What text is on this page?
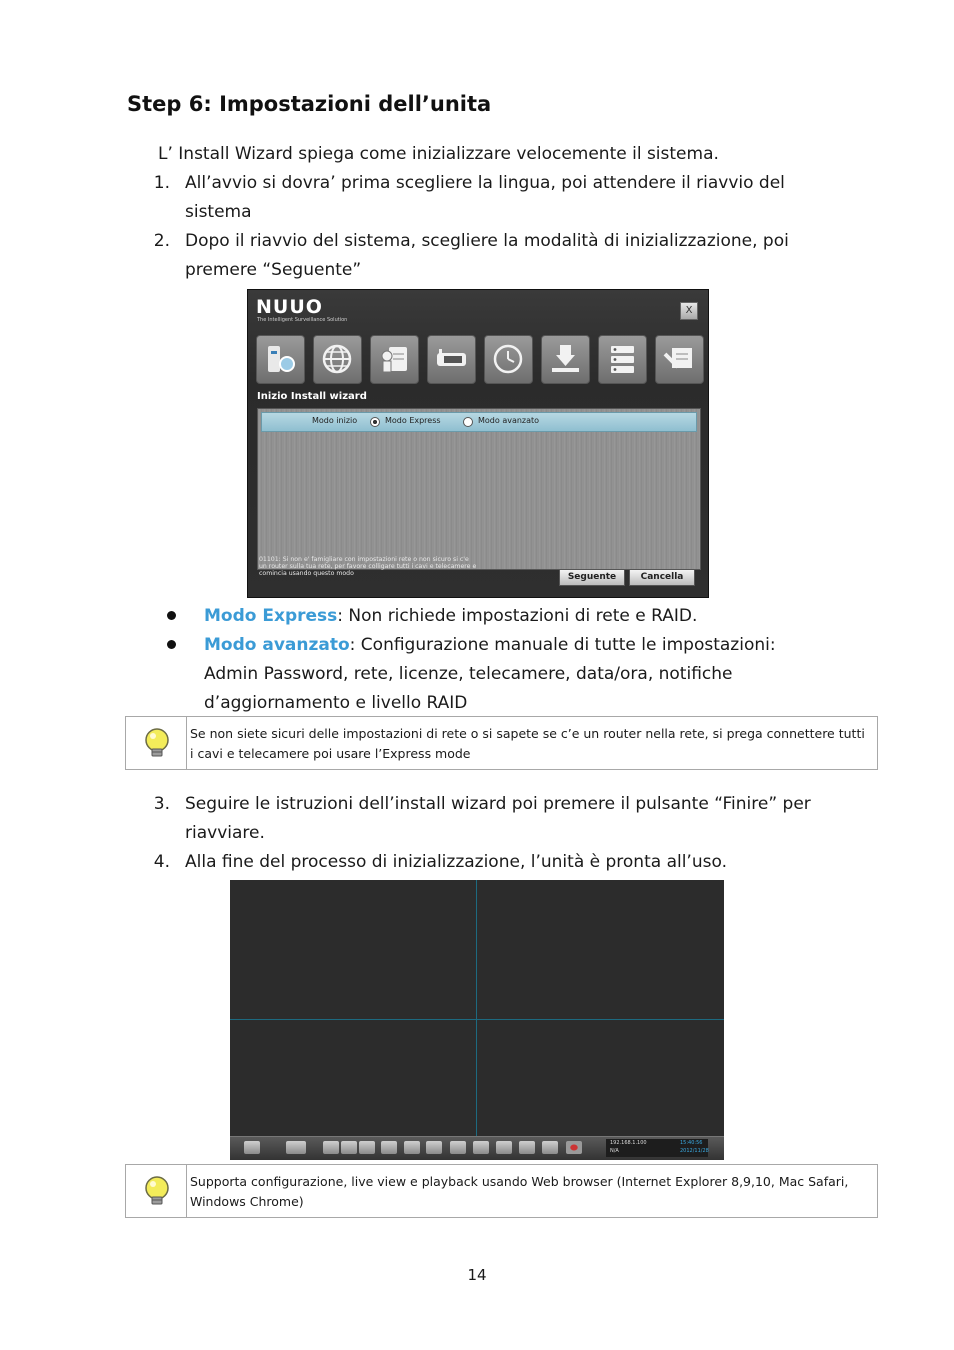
Step 6: Impostazioni dell’unita
L’ Install Wizard spiega come inizializzare velocemente il sistema.
1. All’avvio si dovra’ prima scegliere la lingua, poi attendere il riavvio del
sistema
2. Dopo il riavvio del sistema, scegliere la modalità di inizializzazione, poi
premere “Seguente”
NUUO
The Intelligent Surveillance Solution
X
Inizio Install wizard
Modo inizio	Modo Express	Modo avanzato
01101: Si non e' famigliare con impostazioni rete o non sicuro si c'e
un router sulla tua rete, per favore colligare tutti i cavi e telecamere e
comincia usando questo modo	Seguente	Cancella
Modo Express: Non richiede impostazioni di rete e RAID.
Modo avanzato: Configurazione manuale di tutte le impostazioni:
Admin Password, rete, licenze, telecamere, data/ora, notifiche
d’aggiornamento e livello RAID
Se non siete sicuri delle impostazioni di rete o si sapete se c’e un router nella rete, si prega connettere tutti
i cavi e telecamere poi usare l’Express mode
3. Seguire le istruzioni dell’install wizard poi premere il pulsante “Finire” per
riavviare.
4. Alla fine del processo di inizializzazione, l’unità è pronta all’uso.
192.168.1.100
N/A
15:40:56
2012/11/28
Supporta configurazione, live view e playback usando Web browser (Internet Explorer 8,9,10, Mac Safari,
Windows Chrome)
14
